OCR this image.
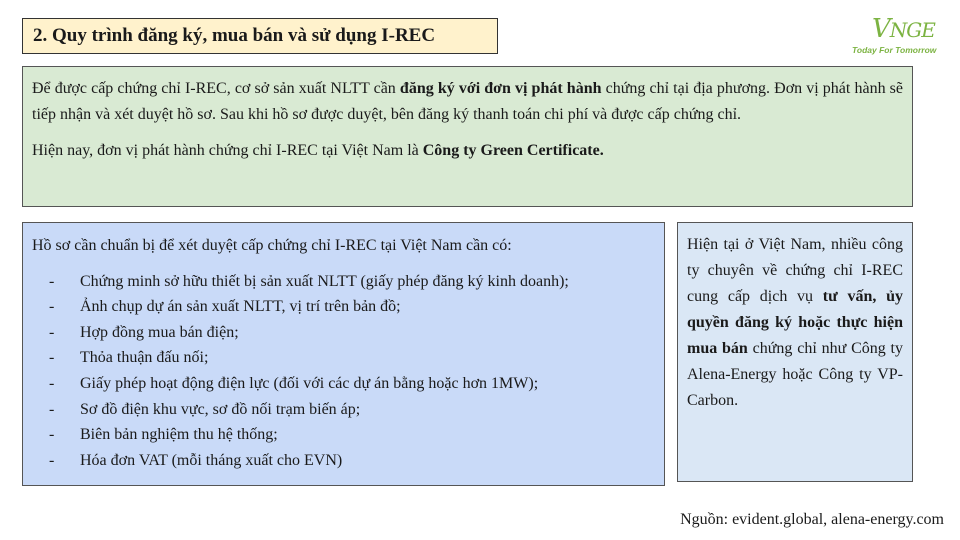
2. Quy trình đăng ký, mua bán và sử dụng I-REC	VNGE
Today For Tomorrow

Để được cấp chứng chỉ I-REC, cơ sở sản xuất NLTT cần đăng ký với đơn vị phát hành chứng chỉ tại địa phương. Đơn vị phát hành sẽ tiếp nhận và xét duyệt hồ sơ. Sau khi hồ sơ được duyệt, bên đăng ký thanh toán chi phí và được cấp chứng chỉ.

Hiện nay, đơn vị phát hành chứng chỉ I-REC tại Việt Nam là Công ty Green Certificate.

Hồ sơ cần chuẩn bị để xét duyệt cấp chứng chỉ I-REC tại Việt Nam cần có:
- Chứng minh sở hữu thiết bị sản xuất NLTT (giấy phép đăng ký kinh doanh);
- Ảnh chụp dự án sản xuất NLTT, vị trí trên bản đồ;
- Hợp đồng mua bán điện;
- Thỏa thuận đấu nối;
- Giấy phép hoạt động điện lực (đối với các dự án bằng hoặc hơn 1MW);
- Sơ đồ điện khu vực, sơ đồ nối trạm biến áp;
- Biên bản nghiệm thu hệ thống;
- Hóa đơn VAT (mỗi tháng xuất cho EVN)
Hiện tại ở Việt Nam, nhiều công ty chuyên về chứng chỉ I-REC cung cấp dịch vụ tư vấn, ủy quyền đăng ký hoặc thực hiện mua bán chứng chỉ như Công ty Alena-Energy hoặc Công ty VP-Carbon.
Nguồn: evident.global, alena-energy.com
